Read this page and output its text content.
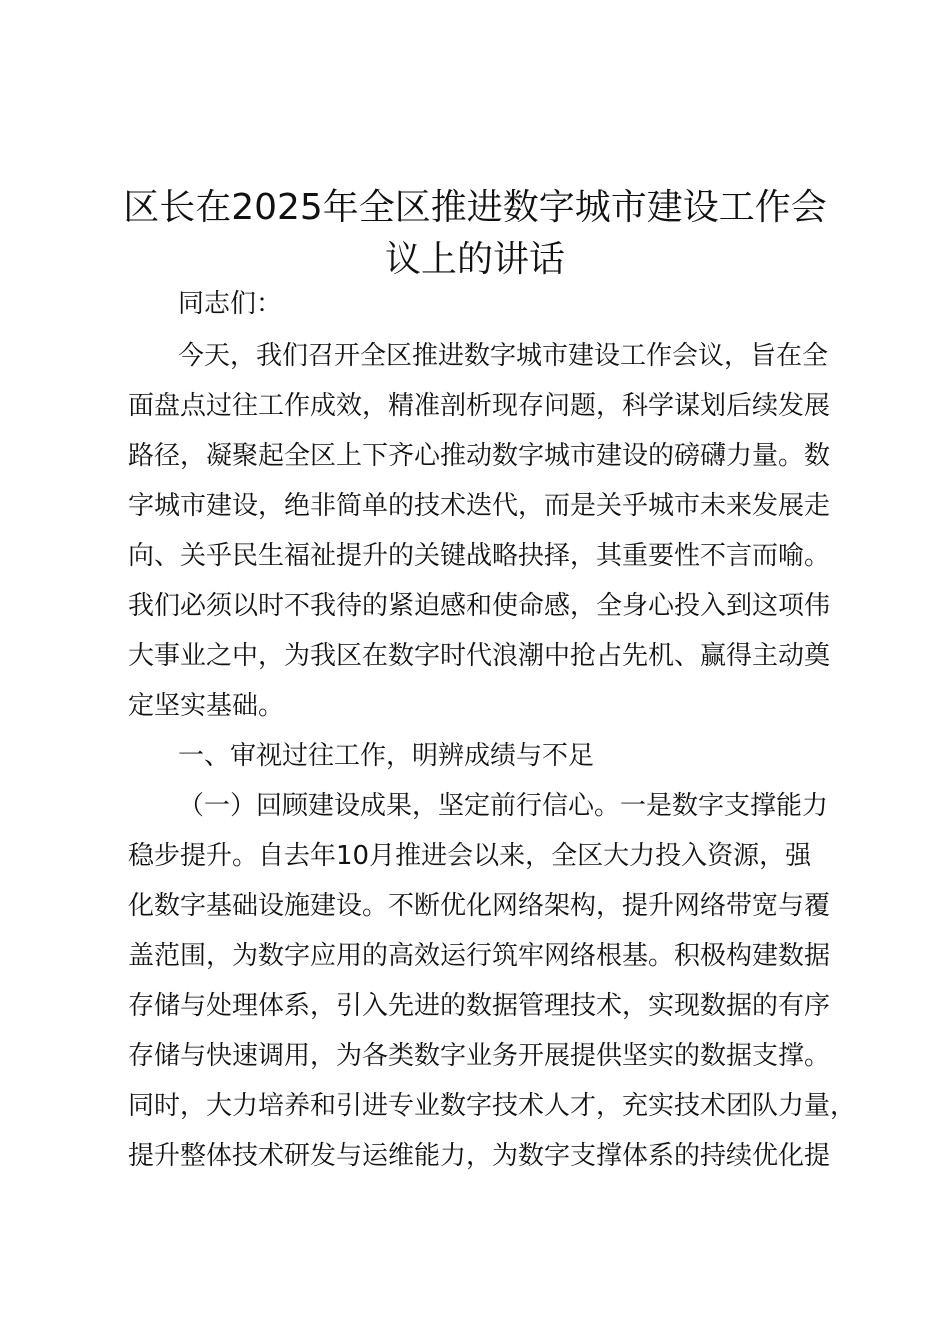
区长在2025年全区推进数字城市建设工作会
议上的讲话
同志们：
今天，我们召开全区推进数字城市建设工作会议，旨在全
面盘点过往工作成效，精准剖析现存问题，科学谋划后续发展
路径，凝聚起全区上下齐心推动数字城市建设的磅礴力量。数
字城市建设，绝非简单的技术迭代，而是关乎城市未来发展走
向、关乎民生福祉提升的关键战略抉择，其重要性不言而喻。
我们必须以时不我待的紧迫感和使命感，全身心投入到这项伟
大事业之中，为我区在数字时代浪潮中抢占先机、赢得主动奠
定坚实基础。
一、审视过往工作，明辨成绩与不足
（一）回顾建设成果，坚定前行信心。一是数字支撑能力
稳步提升。自去年10月推进会以来，全区大力投入资源，强
化数字基础设施建设。不断优化网络架构，提升网络带宽与覆
盖范围，为数字应用的高效运行筑牢网络根基。积极构建数据
存储与处理体系，引入先进的数据管理技术，实现数据的有序
存储与快速调用，为各类数字业务开展提供坚实的数据支撑。
同时，大力培养和引进专业数字技术人才，充实技术团队力量，
提升整体技术研发与运维能力，为数字支撑体系的持续优化提
